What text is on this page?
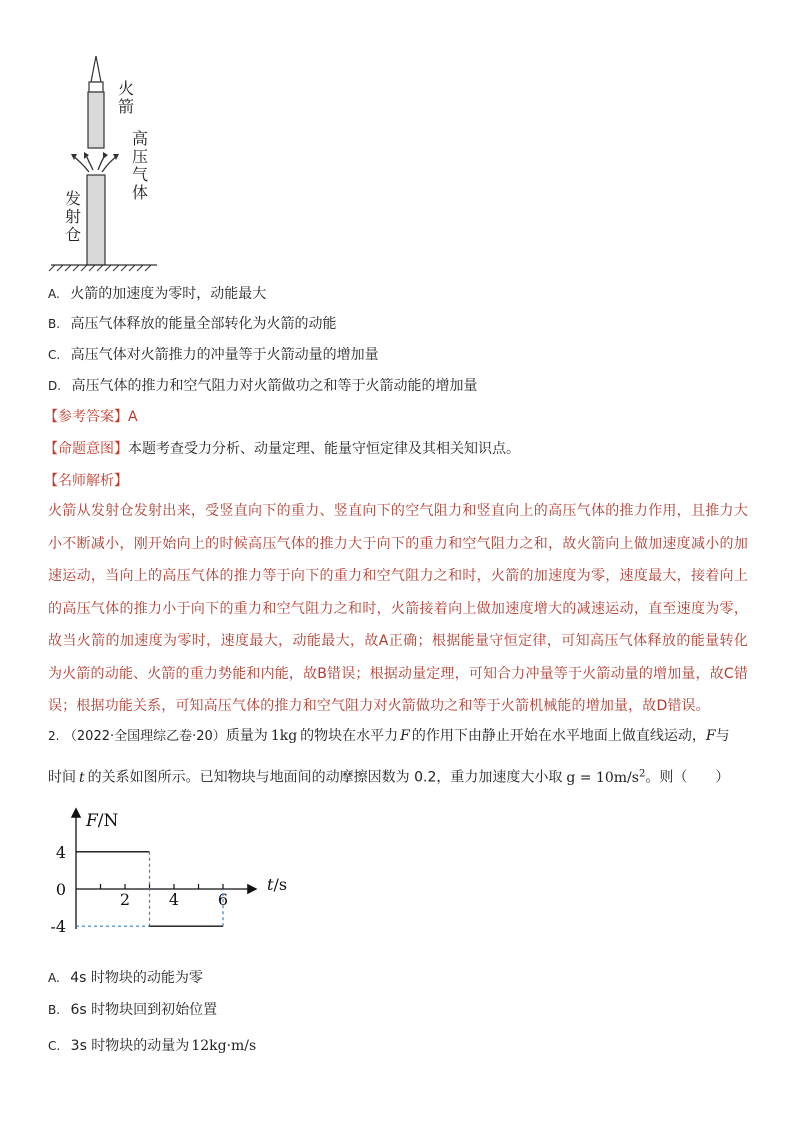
火箭
高压气体
发射仓
A. 火箭的加速度为零时，动能最大
B. 高压气体释放的能量全部转化为火箭的动能
C. 高压气体对火箭推力的冲量等于火箭动量的增加量
D. 高压气体的推力和空气阻力对火箭做功之和等于火箭动能的增加量
【参考答案】A
【命题意图】本题考查受力分析、动量定理、能量守恒定律及其相关知识点。
【名师解析】
火箭从发射仓发射出来，受竖直向下的重力、竖直向下的空气阻力和竖直向上的高压气体的推力作用，且推力大小不断减小，刚开始向上的时候高压气体的推力大于向下的重力和空气阻力之和，故火箭向上做加速度减小的加速运动，当向上的高压气体的推力等于向下的重力和空气阻力之和时，火箭的加速度为零，速度最大，接着向上的高压气体的推力小于向下的重力和空气阻力之和时，火箭接着向上做加速度增大的减速运动，直至速度为零，故当火箭的加速度为零时，速度最大，动能最大，故A正确；根据能量守恒定律，可知高压气体释放的能量转化为火箭的动能、火箭的重力势能和内能，故B错误；根据动量定理，可知合力冲量等于火箭动量的增加量，故C错误；根据功能关系，可知高压气体的推力和空气阻力对火箭做功之和等于火箭机械能的增加量，故D错误。
2. （2022·全国理综乙卷·20）质量为 1kg 的物块在水平力 F 的作用下由静止开始在水平地面上做直线运动，F与
时间 t 的关系如图所示。已知物块与地面间的动摩擦因数为 0.2，重力加速度大小取 $g = 10m/s^2$。则（　　）
F/N
t/s
2 4 6
4
0
-4
A. 4s 时物块的动能为零
B. 6s 时物块回到初始位置
C. 3s 时物块的动量为 12kg·m/s
